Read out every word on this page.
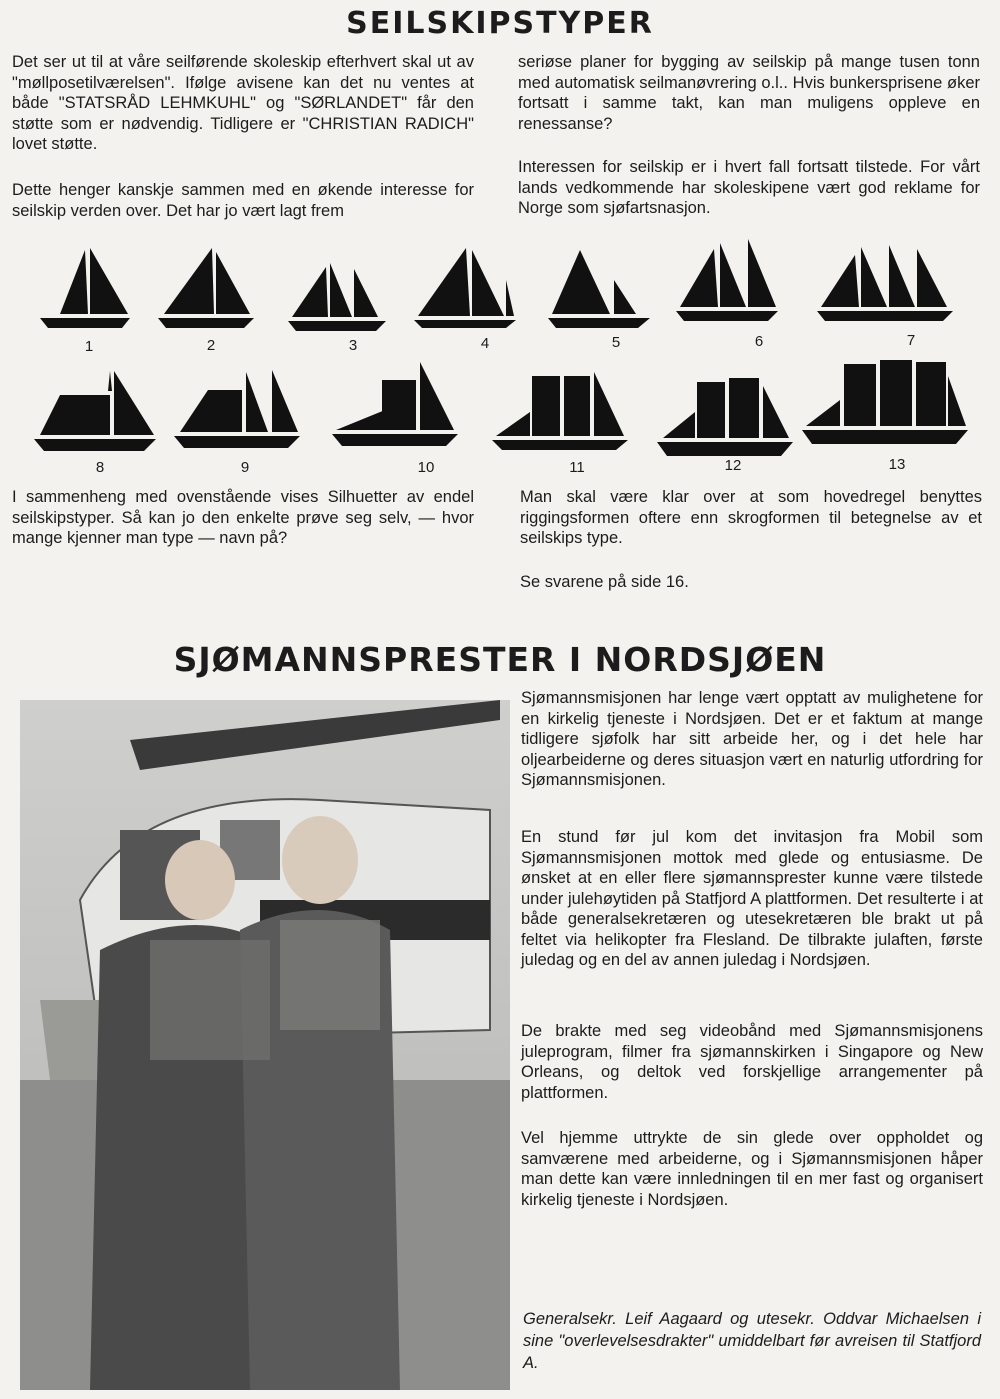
SEILSKIPSTYPER

Det ser ut til at våre seilførende skoleskip efterhvert skal ut av "møllposetilværelsen". Ifølge avisene kan det nu ventes at både "STATSRÅD LEHMKUHL" og "SØRLANDET" får den støtte som er nødvendig. Tidligere er "CHRISTIAN RADICH" lovet støtte.

Dette henger kanskje sammen med en økende interesse for seilskip verden over. Det har jo vært lagt frem

seriøse planer for bygging av seilskip på mange tusen tonn med automatisk seilmanøvrering o.l.. Hvis bunkersprisene øker fortsatt i samme takt, kan man muligens oppleve en renessanse?

Interessen for seilskip er i hvert fall fortsatt tilstede. For vårt lands vedkommende har skoleskipene vært god reklame for Norge som sjøfartsnasjon.

1	2	3	4	5	6	7
8	9	10	11	12	13

I sammenheng med ovenstående vises Silhuetter av endel seilskipstyper. Så kan jo den enkelte prøve seg selv, — hvor mange kjenner man type — navn på?

Man skal være klar over at som hovedregel benyttes riggingsformen oftere enn skrogformen til betegnelse av et seilskips type.

Se svarene på side 16.

SJØMANNSPRESTER I NORDSJØEN

Sjømannsmisjonen har lenge vært opptatt av mulighetene for en kirkelig tjeneste i Nordsjøen. Det er et faktum at mange tidligere sjøfolk har sitt arbeide her, og i det hele har oljearbeiderne og deres situasjon vært en naturlig utfordring for Sjømannsmisjonen.

En stund før jul kom det invitasjon fra Mobil som Sjømannsmisjonen mottok med glede og entusiasme. De ønsket at en eller flere sjømannsprester kunne være tilstede under julehøytiden på Statfjord A plattformen. Det resulterte i at både generalsekretæren og utesekretæren ble brakt ut på feltet via helikopter fra Flesland. De tilbrakte julaften, første juledag og en del av annen juledag i Nordsjøen.

De brakte med seg videobånd med Sjømannsmisjonens juleprogram, filmer fra sjømannskirken i Singapore og New Orleans, og deltok ved forskjellige arrangementer på plattformen.

Vel hjemme uttrykte de sin glede over oppholdet og samværene med arbeiderne, og i Sjømannsmisjonen håper man dette kan være innledningen til en mer fast og organisert kirkelig tjeneste i Nordsjøen.

Generalsekr. Leif Aagaard og utesekr. Oddvar Michaelsen i sine "overlevelsesdrakter" umiddelbart før avreisen til Statfjord A.
